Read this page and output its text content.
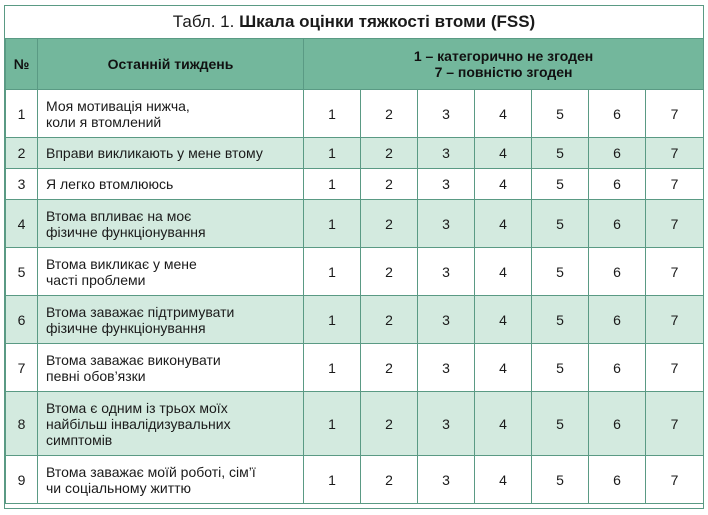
Табл. 1. Шкала оцінки тяжкості втоми (FSS)
№	Останній тиждень	1 – категорично не згоден
7 – повністю згоден						

1	Моя мотивація нижча,
коли я втомлений	1	2	3	4	5	6	7
2	Вправи викликають у мене втому	1	2	3	4	5	6	7
3	Я легко втомлююсь	1	2	3	4	5	6	7
4	Втома впливає на моє
фізичне функціонування	1	2	3	4	5	6	7
5	Втома викликає у мене
часті проблеми	1	2	3	4	5	6	7
6	Втома заважає підтримувати
фізичне функціонування	1	2	3	4	5	6	7
7	Втома заважає виконувати
певні обов’язки	1	2	3	4	5	6	7
8	Втома є одним із трьох моїх
найбільш інвалідизувальних
симптомів	1	2	3	4	5	6	7
9	Втома заважає моїй роботі, сім’ї
чи соціальному життю	1	2	3	4	5	6	7
